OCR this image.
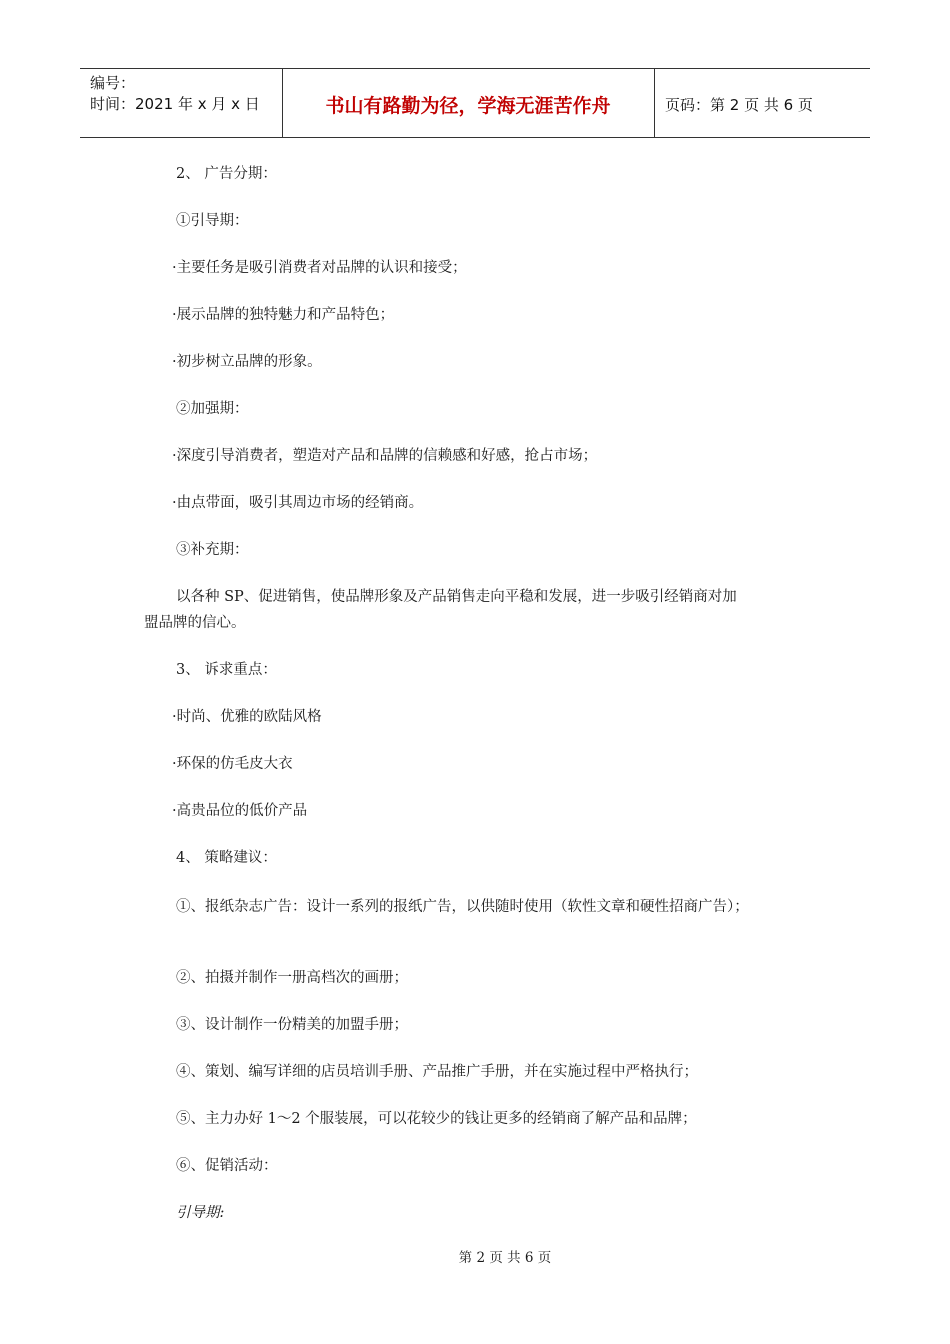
编号：
时间：2021 年 x 月 x 日	书山有路勤为径，学海无涯苦作舟	页码：第 2 页 共 6 页
2、 广告分期：
①引导期：
·主要任务是吸引消费者对品牌的认识和接受；
·展示品牌的独特魅力和产品特色；
·初步树立品牌的形象。
②加强期：
·深度引导消费者，塑造对产品和品牌的信赖感和好感，抢占市场；
·由点带面，吸引其周边市场的经销商。
③补充期：
以各种 SP、促进销售，使品牌形象及产品销售走向平稳和发展，进一步吸引经销商对加
盟品牌的信心。
3、 诉求重点：
·时尚、优雅的欧陆风格
·环保的仿毛皮大衣
·高贵品位的低价产品
4、 策略建议：
①、报纸杂志广告：设计一系列的报纸广告，以供随时使用（软性文章和硬性招商广告）；
②、拍摄并制作一册高档次的画册；
③、设计制作一份精美的加盟手册；
④、策划、编写详细的店员培训手册、产品推广手册，并在实施过程中严格执行；
⑤、主力办好 1～2 个服装展，可以花较少的钱让更多的经销商了解产品和品牌；
⑥、促销活动：
引导期:
第 2 页 共 6 页
